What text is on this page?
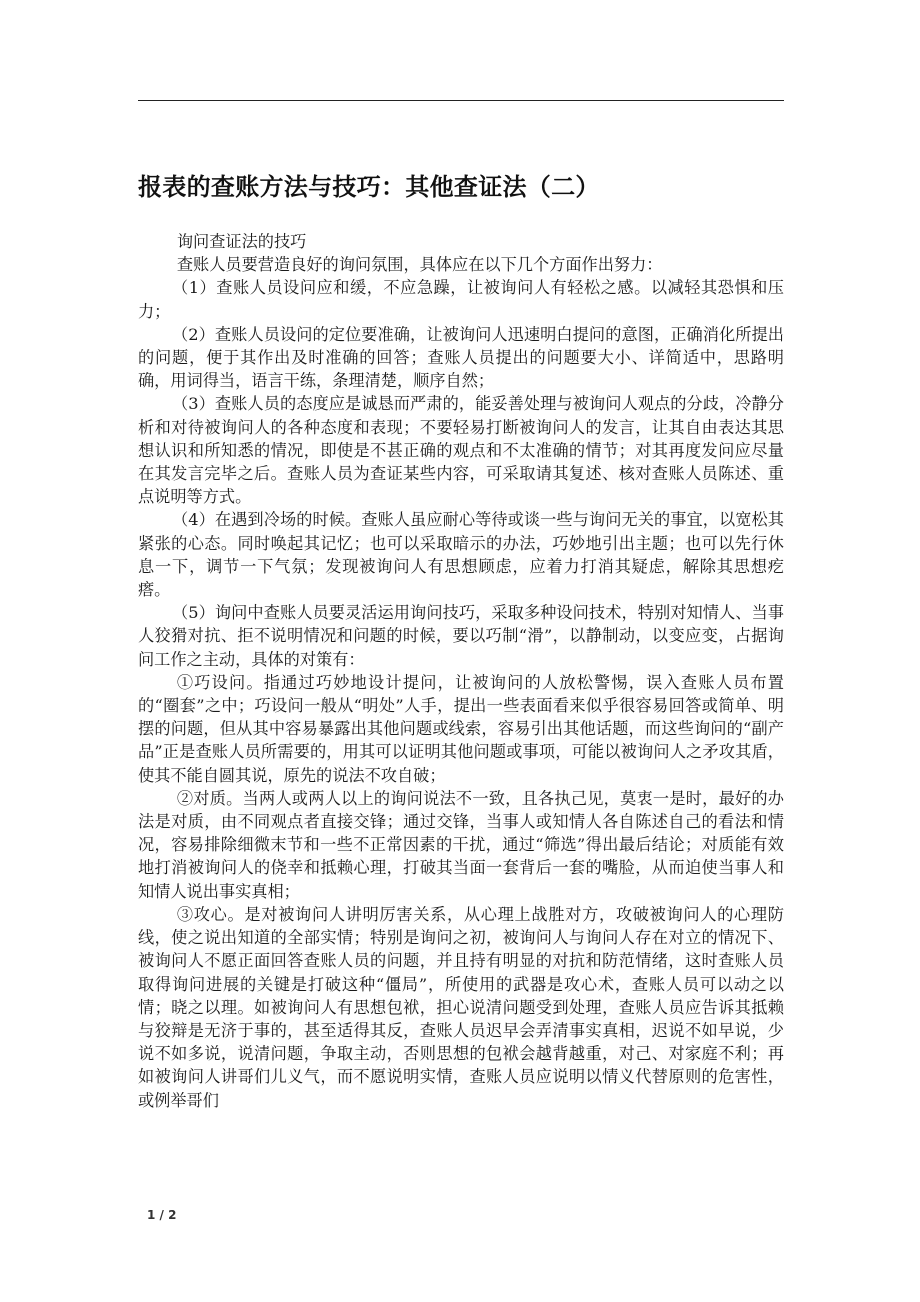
报表的查账方法与技巧：其他查证法（二）

询问查证法的技巧

查账人员要营造良好的询问氛围，具体应在以下几个方面作出努力：

（1）查账人员设问应和缓，不应急躁，让被询问人有轻松之感。以减轻其恐惧和压力；

（2）查账人员设问的定位要准确，让被询问人迅速明白提问的意图，正确消化所提出的问题，便于其作出及时准确的回答；查账人员提出的问题要大小、详简适中，思路明确，用词得当，语言干练，条理清楚，顺序自然；

（3）查账人员的态度应是诚恳而严肃的，能妥善处理与被询问人观点的分歧，冷静分析和对待被询问人的各种态度和表现；不要轻易打断被询问人的发言，让其自由表达其思想认识和所知悉的情况，即使是不甚正确的观点和不太准确的情节；对其再度发问应尽量在其发言完毕之后。查账人员为查证某些内容，可采取请其复述、核对查账人员陈述、重点说明等方式。

（4）在遇到冷场的时候。查账人虽应耐心等待或谈一些与询问无关的事宜，以宽松其紧张的心态。同时唤起其记忆；也可以采取暗示的办法，巧妙地引出主题；也可以先行休息一下，调节一下气氛；发现被询问人有思想顾虑，应着力打消其疑虑，解除其思想疙瘩。

（5）询问中查账人员要灵活运用询问技巧，采取多种设问技术，特别对知情人、当事人狡猾对抗、拒不说明情况和问题的时候，要以巧制“滑”，以静制动，以变应变，占据询问工作之主动，具体的对策有：

①巧设问。指通过巧妙地设计提问，让被询问的人放松警惕，误入查账人员布置的“圈套”之中；巧设问一般从“明处”人手，提出一些表面看来似乎很容易回答或简单、明摆的问题，但从其中容易暴露出其他问题或线索，容易引出其他话题，而这些询问的“副产品”正是查账人员所需要的，用其可以证明其他问题或事项，可能以被询问人之矛攻其盾，使其不能自圆其说，原先的说法不攻自破；

②对质。当两人或两人以上的询问说法不一致，且各执己见，莫衷一是时，最好的办法是对质，由不同观点者直接交锋；通过交锋，当事人或知情人各自陈述自己的看法和情况，容易排除细微末节和一些不正常因素的干扰，通过“筛选”得出最后结论；对质能有效地打消被询问人的侥幸和抵赖心理，打破其当面一套背后一套的嘴脸，从而迫使当事人和知情人说出事实真相；

③攻心。是对被询问人讲明厉害关系，从心理上战胜对方，攻破被询问人的心理防线，使之说出知道的全部实情；特别是询问之初，被询问人与询问人存在对立的情况下、被询问人不愿正面回答查账人员的问题，并且持有明显的对抗和防范情绪，这时查账人员取得询问进展的关键是打破这种“僵局”，所使用的武器是攻心术，查账人员可以动之以情；晓之以理。如被询问人有思想包袱，担心说清问题受到处理，查账人员应告诉其抵赖与狡辩是无济于事的，甚至适得其反，查账人员迟早会弄清事实真相，迟说不如早说，少说不如多说，说清问题，争取主动，否则思想的包袱会越背越重，对己、对家庭不利；再如被询问人讲哥们儿义气，而不愿说明实情，查账人员应说明以情义代替原则的危害性，或例举哥们

1 / 2
